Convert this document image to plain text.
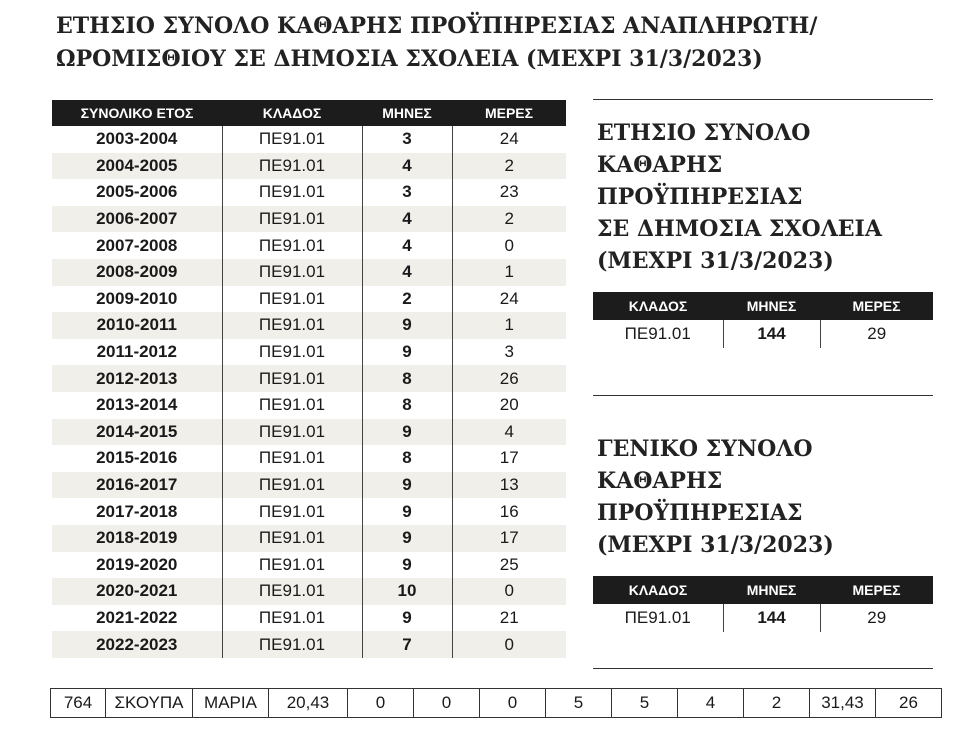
ΕΤΗΣΙΟ ΣΥΝΟΛΟ ΚΑΘΑΡΗΣ ΠΡΟΫΠΗΡΕΣΙΑΣ ΑΝΑΠΛΗΡΩΤΗ/
ΩΡΟΜΙΣΘΙΟΥ ΣΕ ΔΗΜΟΣΙΑ ΣΧΟΛΕΙΑ (ΜΕΧΡΙ 31/3/2023)
ΣΥΝΟΛΙΚΟ ΕΤΟΣ	ΚΛΑΔΟΣ	ΜΗΝΕΣ	ΜΕΡΕΣ
2003-2004	ΠΕ91.01	3	24
2004-2005	ΠΕ91.01	4	2
2005-2006	ΠΕ91.01	3	23
2006-2007	ΠΕ91.01	4	2
2007-2008	ΠΕ91.01	4	0
2008-2009	ΠΕ91.01	4	1
2009-2010	ΠΕ91.01	2	24
2010-2011	ΠΕ91.01	9	1
2011-2012	ΠΕ91.01	9	3
2012-2013	ΠΕ91.01	8	26
2013-2014	ΠΕ91.01	8	20
2014-2015	ΠΕ91.01	9	4
2015-2016	ΠΕ91.01	8	17
2016-2017	ΠΕ91.01	9	13
2017-2018	ΠΕ91.01	9	16
2018-2019	ΠΕ91.01	9	17
2019-2020	ΠΕ91.01	9	25
2020-2021	ΠΕ91.01	10	0
2021-2022	ΠΕ91.01	9	21
2022-2023	ΠΕ91.01	7	0
ΕΤΗΣΙΟ ΣΥΝΟΛΟ
ΚΑΘΑΡΗΣ
ΠΡΟΫΠΗΡΕΣΙΑΣ
ΣΕ ΔΗΜΟΣΙΑ ΣΧΟΛΕΙΑ
(ΜΕΧΡΙ 31/3/2023)
ΚΛΑΔΟΣ	ΜΗΝΕΣ	ΜΕΡΕΣ
ΠΕ91.01	144	29
ΓΕΝΙΚΟ ΣΥΝΟΛΟ
ΚΑΘΑΡΗΣ
ΠΡΟΫΠΗΡΕΣΙΑΣ
(ΜΕΧΡΙ 31/3/2023)
ΚΛΑΔΟΣ	ΜΗΝΕΣ	ΜΕΡΕΣ
ΠΕ91.01	144	29
764	ΣΚΟΥΠΑ	ΜΑΡΙΑ	20,43	0	0	0	5	5	4	2	31,43	26
